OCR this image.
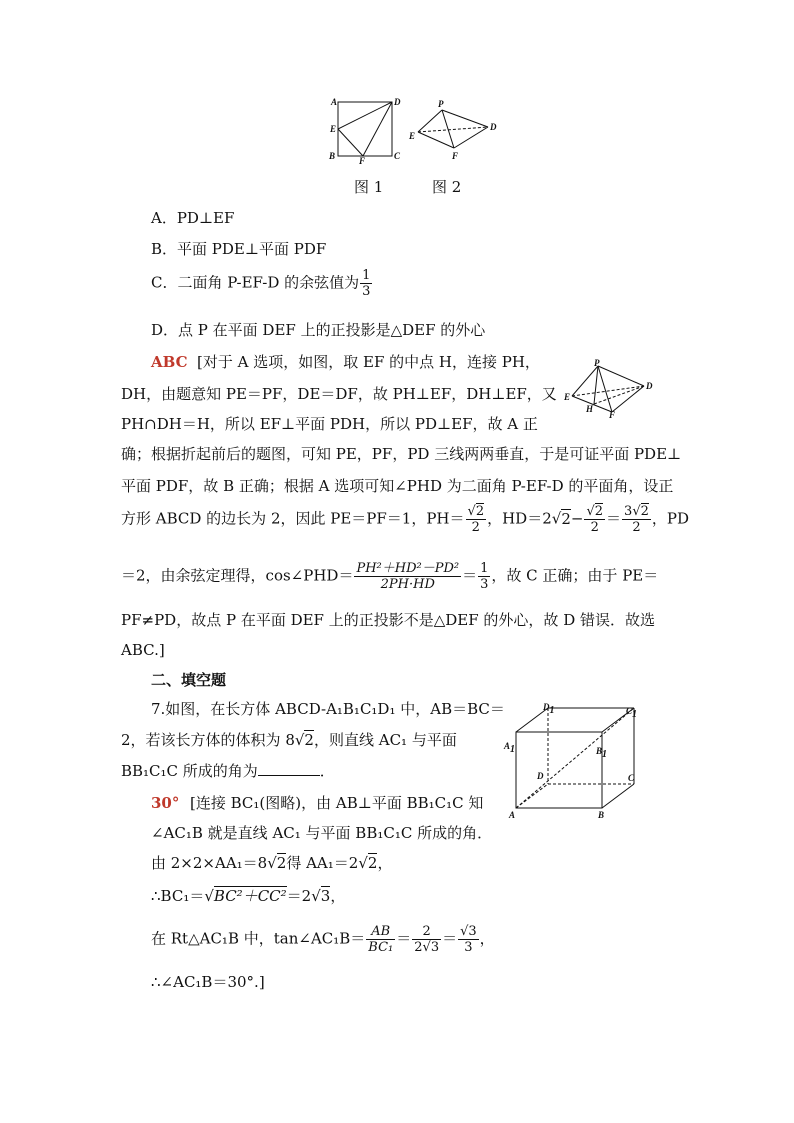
A	D
E
B	F	C
P
E
D
F
图 1	图 2
A．PD⊥EF
B．平面 PDE⊥平面 PDF
C．二面角 P-EF-D 的余弦值为 $\frac{1}{3}$
D．点 P 在平面 DEF 上的正投影是△DEF 的外心
ABC [对于 A 选项，如图，取 EF 的中点 H，连接 PH，
DH，由题意知 PE＝PF，DE＝DF，故 PH⊥EF，DH⊥EF，又
PH∩DH＝H，所以 EF⊥平面 PDH，所以 PD⊥EF，故 A 正
P
E
H
F
D
确；根据折起前后的题图，可知 PE，PF，PD 三线两两垂直，于是可证平面 PDE⊥
平面 PDF，故 B 正确；根据 A 选项可知∠PHD 为二面角 P-EF-D 的平面角，设正
方形 ABCD 的边长为 2，因此 PE＝PF＝1，$PH= \frac{√2}{2}$ ，$HD=2√2- \frac{√2}{2} = \frac{3√2}{2}$ ，PD
＝2，由余弦定理得，cos∠PHD＝ $\frac{\text{PH²＋HD²－PD²}}{2PH\cdot HD} = \frac{1}{3}$ ，故 C 正确；由于 PE＝
PF≠PD，故点 P 在平面 DEF 上的正投影不是△DEF 的外心，故 D 错误．故选
ABC.]
二、填空题
7.如图，在长方体 ABCD-A₁B₁C₁D₁ 中，AB＝BC＝
2，若该长方体的体积为 8√2，则直线 AC₁ 与平面
BB₁C₁C 所成的角为	．
$D_1$	$C_1$
$A_1$	$B_1$
D	C
A	B
30° [连接 BC₁(图略)，由 AB⊥平面 BB₁C₁C 知
∠AC₁B 就是直线 AC₁ 与平面 BB₁C₁C 所成的角．
由 2×2×AA₁＝8√2得 AA₁＝2√2，
∴BC₁＝√BC²＋CC²＝2√3，
在 Rt△AC₁B 中，tan∠AC₁B＝ $\frac{AB}{\text{BC₁}} = \frac{2}{2√3} = \frac{√3}{3}$ ，
∴∠AC₁B＝30°.]
